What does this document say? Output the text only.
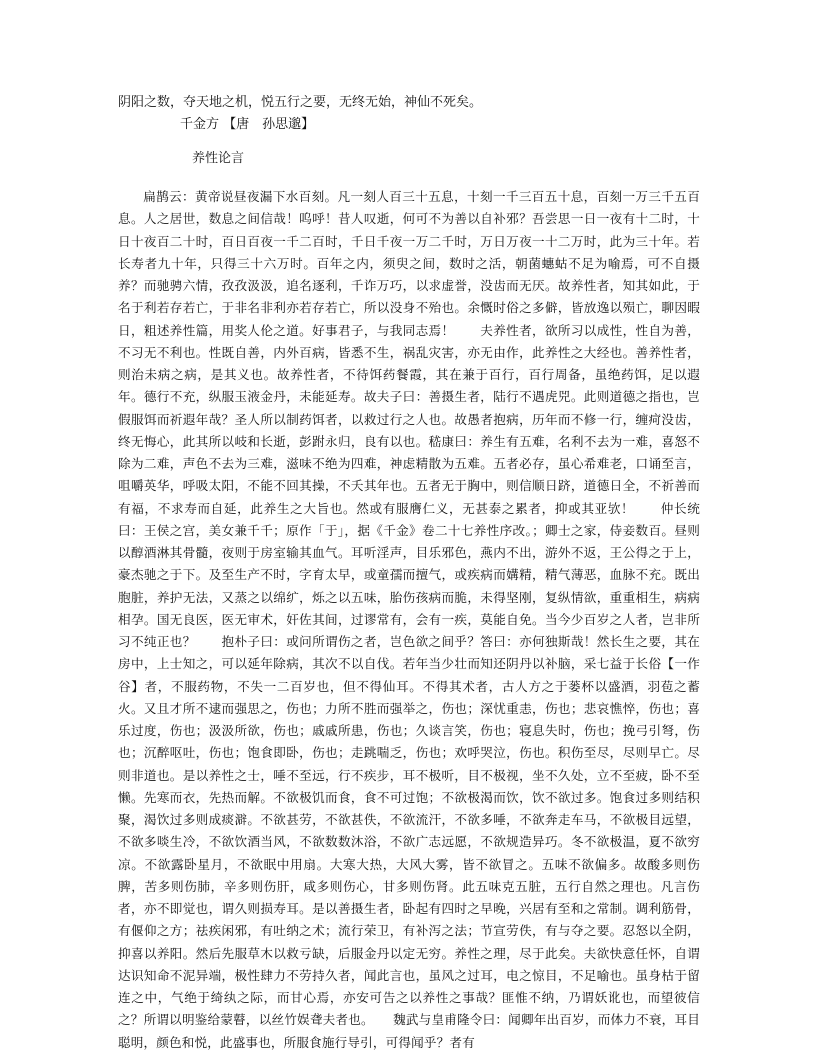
阴阳之数，夺天地之机，悦五行之要，无终无始，神仙不死矣。
千金方 【唐　孙思邈】
养性论言
扁鹊云：黄帝说昼夜漏下水百刻。凡一刻人百三十五息，十刻一千三百五十息，百刻一万三千五百息。人之居世，数息之间信哉！呜呼！昔人叹逝，何可不为善以自补邪？吾尝思一日一夜有十二时，十日十夜百二十时，百日百夜一千二百时，千日千夜一万二千时，万日万夜一十二万时，此为三十年。若长寿者九十年，只得三十六万时。百年之内，须臾之间，数时之活，朝菌蟪蛄不足为喻焉，可不自摄养？而驰骋六情，孜孜汲汲，追名逐利，千诈万巧，以求虚誉，没齿而无厌。故养性者，知其如此，于名于利若存若亡，于非名非利亦若存若亡，所以没身不殆也。余慨时俗之多僻，皆放逸以殒亡，聊因暇日，粗述养性篇，用奖人伦之道。好事君子，与我同志焉！　　夫养性者，欲所习以成性，性自为善，不习无不利也。性既自善，内外百病，皆悉不生，祸乱灾害，亦无由作，此养性之大经也。善养性者，则治未病之病，是其义也。故养性者，不待饵药餐霞，其在兼于百行，百行周备，虽绝药饵，足以遐年。德行不充，纵服玉液金丹，未能延寿。故夫子曰：善摄生者，陆行不遇虎兕。此则道德之指也，岂假服饵而祈遐年哉？圣人所以制药饵者，以救过行之人也。故愚者抱病，历年而不修一行，缠疴没齿，终无悔心，此其所以岐和长逝，彭跗永归，良有以也。嵇康曰：养生有五难，名利不去为一难，喜怒不除为二难，声色不去为三难，滋味不绝为四难，神虑精散为五难。五者必存，虽心希难老，口诵至言，咀嚼英华，呼吸太阳，不能不回其操，不夭其年也。五者无于胸中，则信顺日跻，道德日全，不祈善而有福，不求寿而自延，此养生之大旨也。然或有服膺仁义，无甚泰之累者，抑或其亚欤！　　仲长统曰：王侯之宫，美女兼千千；原作「于」，据《千金》卷二十七养性序改。；卿士之家，侍妾数百。昼则以醇酒淋其骨髓，夜则于房室输其血气。耳听淫声，目乐邪色，燕内不出，游外不返，王公得之于上，豪杰驰之于下。及至生产不时，字育太早，或童孺而擅气，或疾病而媾精，精气薄恶，血脉不充。既出胞脏，养护无法，又蒸之以绵纩，烁之以五味，胎伤孩病而脆，未得坚刚，复纵情欲，重重相生，病病相孕。国无良医，医无审术，奸佐其间，过谬常有，会有一疾，莫能自免。当今少百岁之人者，岂非所习不纯正也？　　抱朴子曰：或问所谓伤之者，岂色欲之间乎？答曰：亦何独斯哉！然长生之要，其在房中，上士知之，可以延年除病，其次不以自伐。若年当少壮而知还阴丹以补脑，采七益于长俗【一作谷】者，不服药物，不失一二百岁也，但不得仙耳。不得其术者，古人方之于蒌杯以盛酒，羽苞之蓄火。又且才所不逮而强思之，伤也；力所不胜而强举之，伤也；深忧重恚，伤也；悲哀憔悴，伤也；喜乐过度，伤也；汲汲所欲，伤也；戚戚所患，伤也；久谈言笑，伤也；寝息失时，伤也；挽弓引弩，伤也；沉醉呕吐，伤也；饱食即卧，伤也；走跳喘乏，伤也；欢呼哭泣，伤也。积伤至尽，尽则早亡。尽则非道也。是以养性之士，唾不至远，行不疾步，耳不极听，目不极视，坐不久处，立不至疲，卧不至懒。先寒而衣，先热而解。不欲极饥而食，食不可过饱；不欲极渴而饮，饮不欲过多。饱食过多则结积聚，渴饮过多则成痰澼。不欲甚劳，不欲甚佚，不欲流汗，不欲多唾，不欲奔走车马，不欲极目远望，不欲多啖生冷，不欲饮酒当风，不欲数数沐浴，不欲广志远愿，不欲规造异巧。冬不欲极温，夏不欲穷凉。不欲露卧星月，不欲眠中用扇。大寒大热，大风大雾，皆不欲冒之。五味不欲偏多。故酸多则伤脾，苦多则伤肺，辛多则伤肝，咸多则伤心，甘多则伤肾。此五味克五脏，五行自然之理也。凡言伤者，亦不即觉也，谓久则损寿耳。是以善摄生者，卧起有四时之早晚，兴居有至和之常制。调利筋骨，有偃仰之方；祛疾闲邪，有吐纳之术；流行荣卫，有补泻之法；节宣劳佚，有与夺之要。忍怒以全阴，抑喜以养阳。然后先服草木以救亏缺，后服金丹以定无穷。养性之理，尽于此矣。夫欲快意任怀，自谓达识知命不泥异端，极性肆力不劳持久者，闻此言也，虽风之过耳，电之惊目，不足喻也。虽身枯于留连之中，气绝于绮纨之际，而甘心焉，亦安可告之以养性之事哉？匪惟不纳，乃谓妖讹也，而望彼信之？所谓以明鉴给蒙瞽，以丝竹娱聋夫者也。　　魏武与皇甫隆令曰：闻卿年出百岁，而体力不衰，耳目聪明，颜色和悦，此盛事也，所服食施行导引，可得闻乎？者有
